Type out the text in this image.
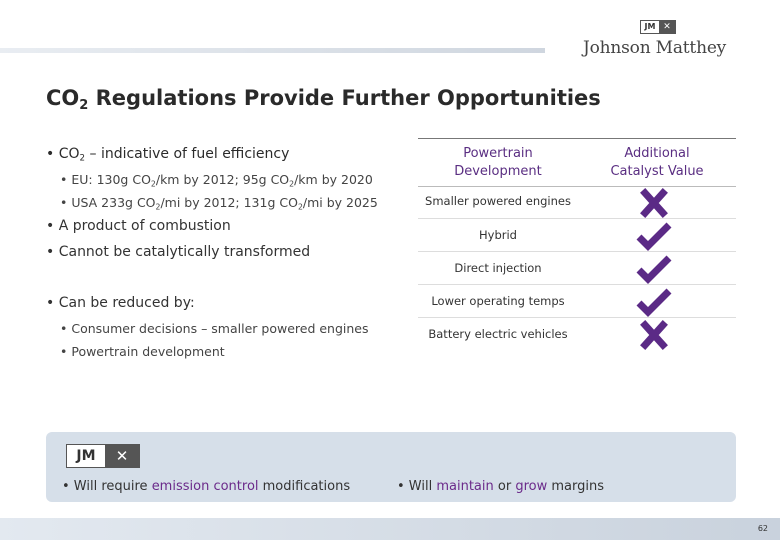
JM ✕
Johnson Matthey
$CO_2$ Regulations Provide Further Opportunities
• $CO_2$ – indicative of fuel efficiency
• EU: 130g $CO_2/km$ by 2012; 95g $CO_2/km$ by 2020
• USA 233g $CO_2/mi$ by 2012; 131g $CO_2/mi$ by 2025
• A product of combustion
• Cannot be catalytically transformed
• Can be reduced by:
• Consumer decisions – smaller powered engines
• Powertrain development
Powertrain
Development
Additional
Catalyst Value
Smaller powered engines
Hybrid
Direct injection
Lower operating temps
Battery electric vehicles
JM	✕
• Will require emission control modifications	• Will maintain or grow margins
62
